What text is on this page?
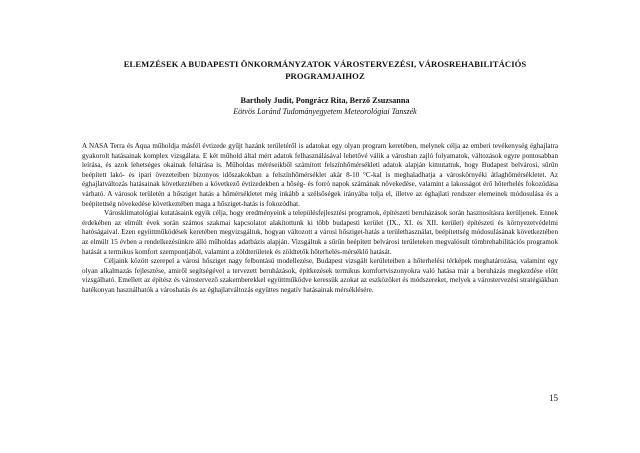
ELEMZÉSEK A BUDAPESTI ÖNKORMÁNYZATOK VÁROSTERVEZÉSI, VÁROSREHABILITÁCIÓS
PROGRAMJAIHOZ
Bartholy Judit, Pongrácz Rita, Berző Zsuzsanna
Eötvös Loránd Tudományegyetem Meteorológiai Tanszék

A NASA Terra és Aqua műholdja másfél évtizede gyűjt hazánk területéről is adatokat egy olyan program keretében, melynek célja az emberi tevékenység éghajlatra gyakorolt hatásainak komplex vizsgálata. E két műhold által mért adatok felhasználásával lehetővé válik a városban zajló folyamatok, változások egyre pontosabban leírása, és azok lehetséges okainak feltárása is. Műholdas méréseikből számított felszínhőmérsékleti adatok alapján kimutattuk, hogy Budapest belvárosi, sűrűn beépített lakó- és ipari övezeteiben bizonyos időszakokban a felszínhőmérséklet akár 8-10 °C-kal is meghaladhatja a városkörnyéki átlaghőmérsékletet. Az éghajlatváltozás hatásainak következtében a következő évtizedekben a hőség- és forró napok számának növekedése, valamint a lakosságot érő hőterhelés fokozódása várható. A városok területén a hősziget hatás a hőmérsékletet még inkább a szélsőségek irányába tolja el, illetve az éghajlati rendszer elemeinek módosulása és a beépítettség növekedése következtében maga a hősziget-hatás is fokozódhat.

Városklimatológiai kutatásaink egyik célja, hogy eredményeink a településfejlesztési programok, építészeti beruházások során hasznosításra kerüljenek. Ennek érdekében az elmúlt évek során számos szakmai kapcsolatot alakítottunk ki több budapesti kerület (IX., XI. és XII. kerület) építészeti és környezetvédelmi hatóságaival. Ezen együttműködések keretében megvizsgáltuk, hogyan változott a városi hősziget-hatás a területhasználat, beépítettség módosulásának következtében az elmúlt 15 évben a rendelkezésünkre álló műholdas adatbázis alapján. Vizsgáltuk a sűrűn beépített belvárosi területeken megvalósult tömbrehabilitációs programok hatását a termikus komfort szempontjából, valamint a zöldterületek és zöldtetők hőterhelés-mérséklő hatását.

Céljaink között szerepel a városi hősziget nagy felbontású modellezése, Budapest vizsgált kerületeiben a hőterhelési térképek meghatározása, valamint egy olyan alkalmazás fejlesztése, amiről segítségével a tervezett beruházások, építkezések termikus komfortviszonyokra való hatása már a beruházás megkezdése előtt vizsgálható. Emellett az építész és várostervező szakemberekkel együttműködve keressük azokat az eszközöket és módszereket, melyek a várostervezési stratégiákban hatékonyan használhatók a városhatás és az éghajlatváltozás együttes negatív hatásainak mérséklésére.

15
